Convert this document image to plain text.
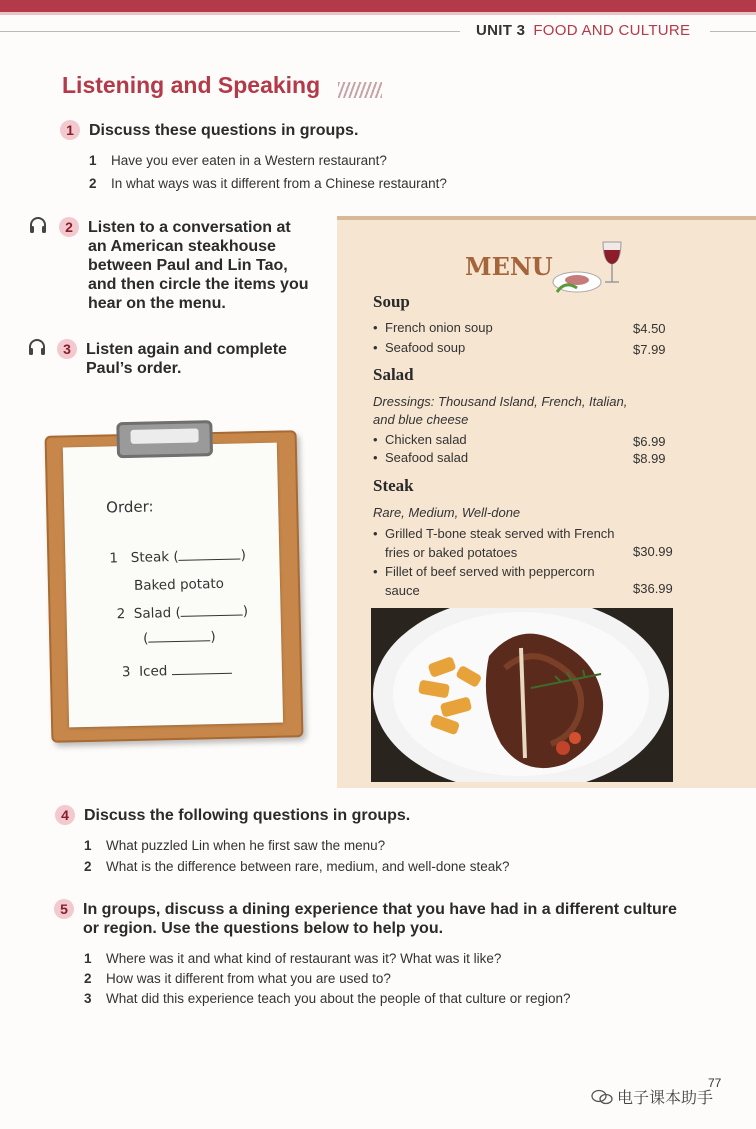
UNIT 3 FOOD AND CULTURE
Listening and Speaking
1 Discuss these questions in groups.
1 Have you ever eaten in a Western restaurant?
2 In what ways was it different from a Chinese restaurant?
2 Listen to a conversation at
an American steakhouse
between Paul and Lin Tao,
and then circle the items you
hear on the menu.
3 Listen again and complete
Paul’s order.
Order:
1 Steak (	)
Baked potato
2 Salad (	)
(	)
3 Iced
MENU
Soup
• French onion soup	$4.50
• Seafood soup	$7.99
Salad
Dressings: Thousand Island, French, Italian,
and blue cheese
• Chicken salad	$6.99
• Seafood salad	$8.99
Steak
Rare, Medium, Well-done
• Grilled T-bone steak served with French
fries or baked potatoes	$30.99
• Fillet of beef served with peppercorn
sauce	$36.99
4 Discuss the following questions in groups.
1 What puzzled Lin when he first saw the menu?
2 What is the difference between rare, medium, and well-done steak?
5 In groups, discuss a dining experience that you have had in a different culture
or region. Use the questions below to help you.
1 Where was it and what kind of restaurant was it? What was it like?
2 How was it different from what you are used to?
3 What did this experience teach you about the people of that culture or region?
77
电子课本助手
